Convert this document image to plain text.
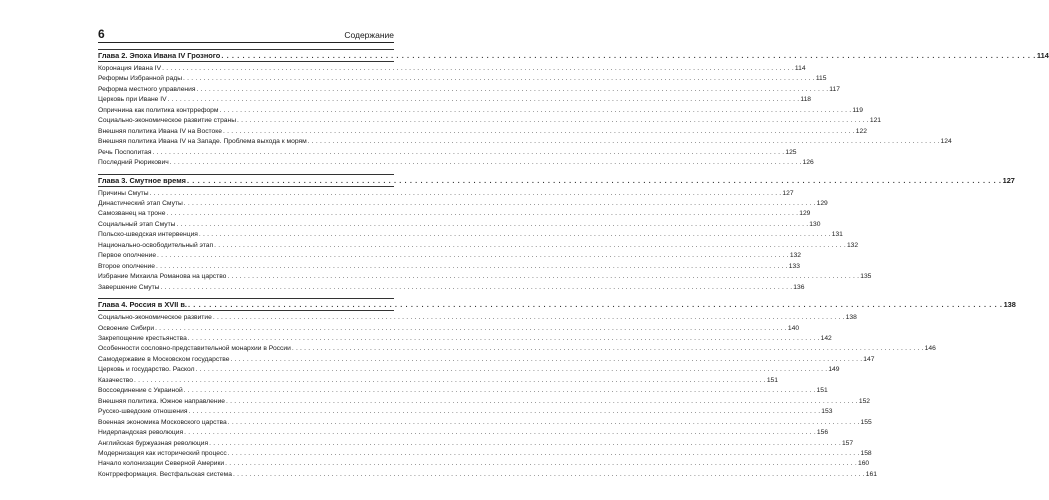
6	Содержание
Глава 2. Эпоха Ивана IV Грозного . . .	114
Коронация Ивана IV . . .	114
Реформы Избранной рады . . .	115
Реформа местного управления . . .	117
Церковь при Иване IV . . .	118
Опричнина как политика контрреформ . . .	119
Социально-экономическое развитие страны . . .	121
Внешняя политика Ивана IV на Востоке . . .	122
Внешняя политика Ивана IV на Западе. Проблема выхода к морям . . .	124
Речь Посполитая . . .	125
Последний Рюрикович . . .	126
Глава 3. Смутное время . . .	127
Причины Смуты . . .	127
Династический этап Смуты . . .	129
Самозванец на троне . . .	129
Социальный этап Смуты . . .	130
Польско-шведская интервенция . . .	131
Национально-освободительный этап . . .	132
Первое ополчение . . .	132
Второе ополчение . . .	133
Избрание Михаила Романова на царство . . .	135
Завершение Смуты . . .	136
Глава 4. Россия в XVII в. . . .	138
Социально-экономическое развитие . . .	138
Освоение Сибири . . .	140
Закрепощение крестьянства . . .	142
Особенности сословно-представительной монархии в России . . .	146
Самодержавие в Московском государстве . . .	147
Церковь и государство. Раскол . . .	149
Казачество . . .	151
Воссоединение с Украиной . . .	151
Внешняя политика. Южное направление . . .	152
Русско-шведские отношения . . .	153
Военная экономика Московского царства . . .	155
Нидерландская революция . . .	156
Английская буржуазная революция . . .	157
Модернизация как исторический процесс . . .	158
Начало колонизации Северной Америки . . .	160
Контрреформация. Вестфальская система . . .	161
